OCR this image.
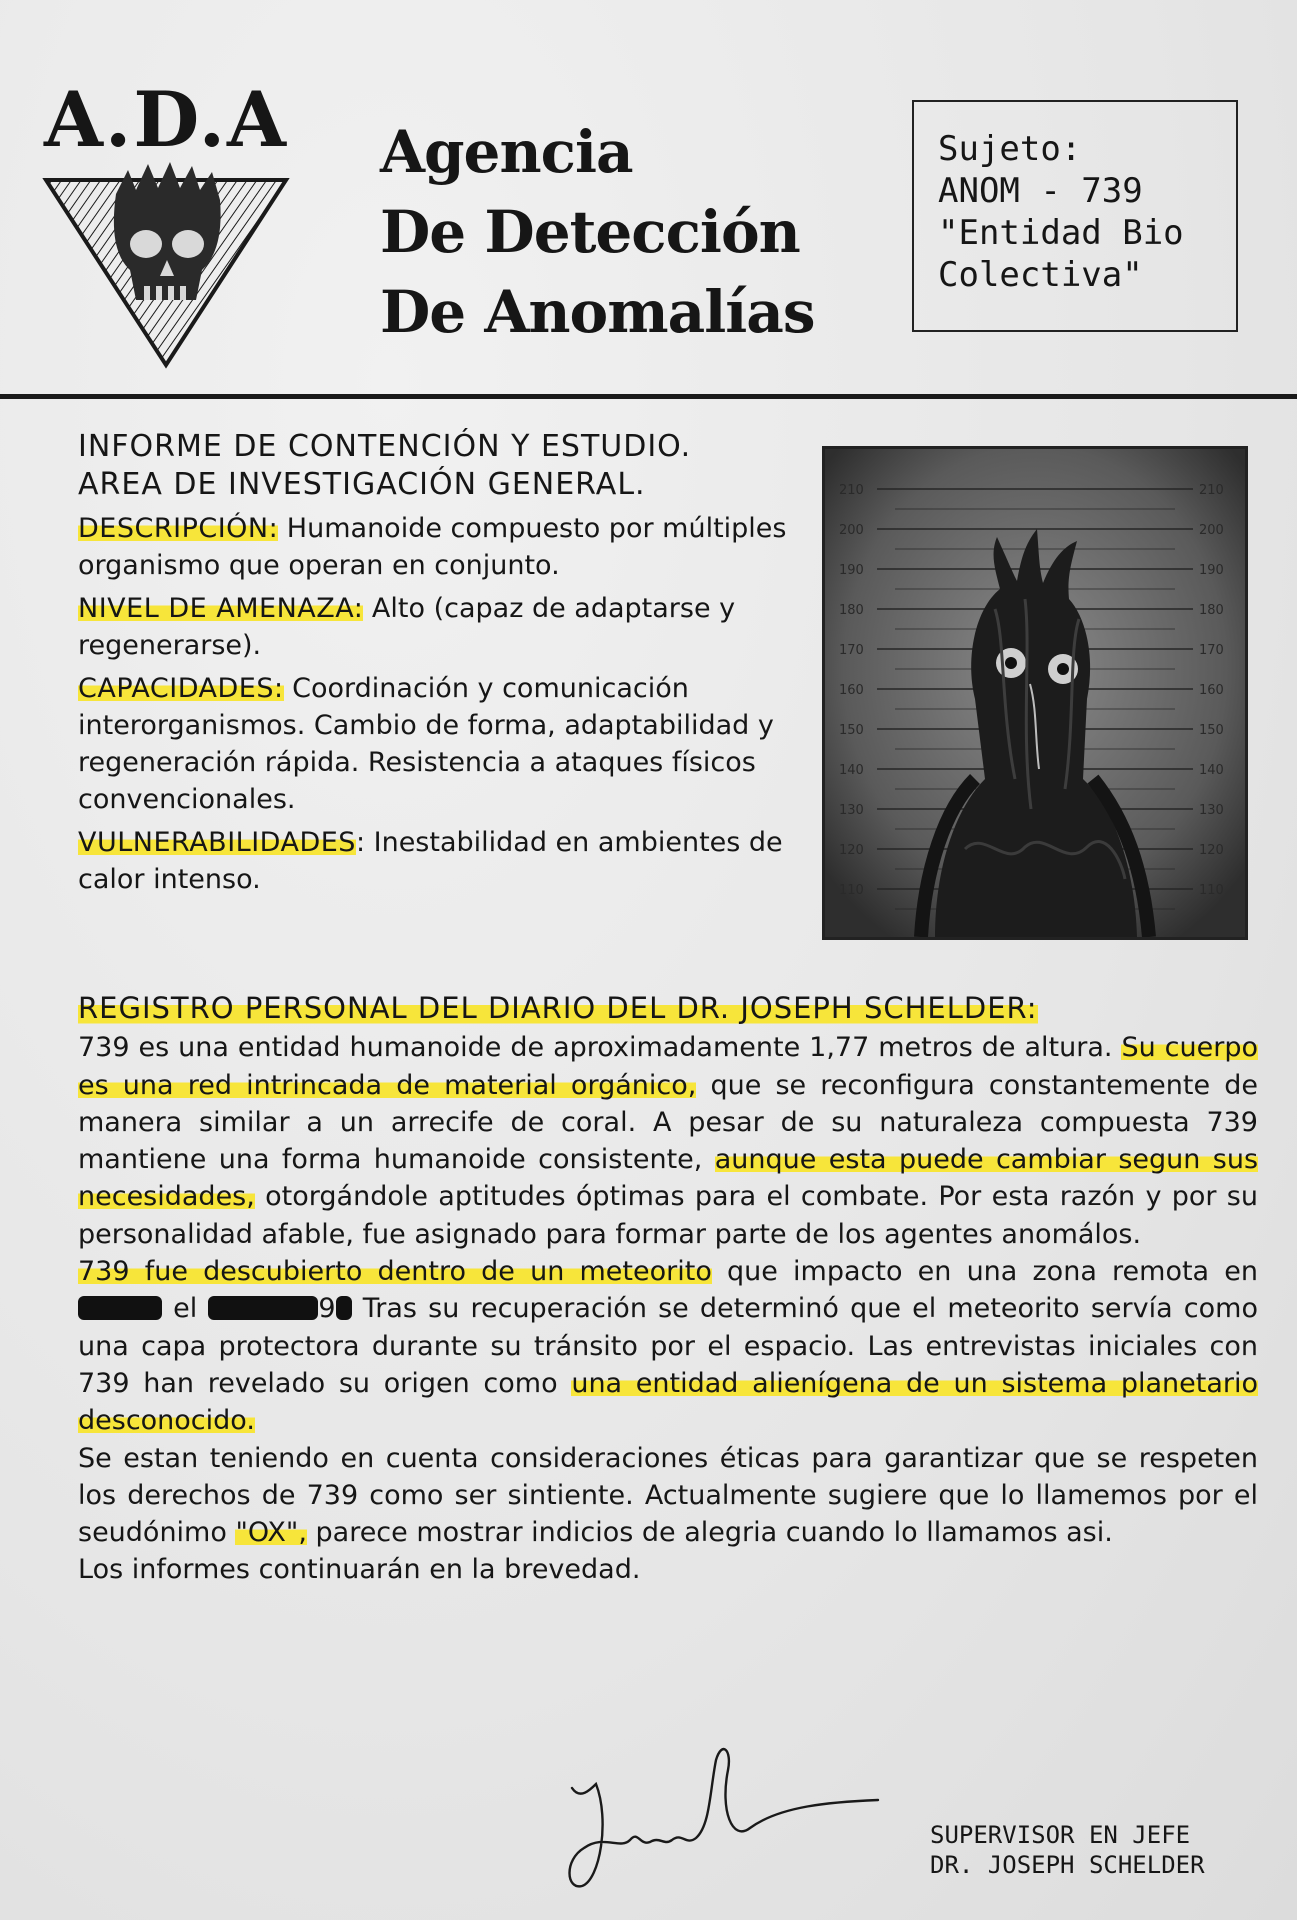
A.D.A Agencia
De Detección
De Anomalías
Sujeto:
ANOM - 739
"Entidad Bio
Colectiva"
INFORME DE CONTENCIÓN Y ESTUDIO.
AREA DE INVESTIGACIÓN GENERAL.

DESCRIPCIÓN: Humanoide compuesto por múltiples organismo que operan en conjunto.

NIVEL DE AMENAZA: Alto (capaz de adaptarse y regenerarse).

CAPACIDADES: Coordinación y comunicación interorganismos. Cambio de forma, adaptabilidad y regeneración rápida. Resistencia a ataques físicos convencionales.

VULNERABILIDADES: Inestabilidad en ambientes de calor intenso.

210	210
200	200
190	190
180	180
170	170
160	160
150	150
140	140
130	130
120	120
110	110
REGISTRO PERSONAL DEL DIARIO DEL DR. JOSEPH SCHELDER:

739 es una entidad humanoide de aproximadamente 1,77 metros de altura. Su cuerpo es una red intrincada de material orgánico, que se reconfigura constantemente de manera similar a un arrecife de coral. A pesar de su naturaleza compuesta 739 mantiene una forma humanoide consistente, aunque esta puede cambiar segun sus necesidades, otorgándole aptitudes óptimas para el combate. Por esta razón y por su personalidad afable, fue asignado para formar parte de los agentes anomálos.

739 fue descubierto dentro de un meteorito que impacto en una zona remota en  el	9 Tras su recuperación se determinó que el meteorito servía como una capa protectora durante su tránsito por el espacio. Las entrevistas iniciales con 739 han revelado su origen como una entidad alienígena de un sistema planetario desconocido.

Se estan teniendo en cuenta consideraciones éticas para garantizar que se respeten los derechos de 739 como ser sintiente. Actualmente sugiere que lo llamemos por el seudónimo "OX", parece mostrar indicios de alegria cuando lo llamamos asi.

Los informes continuarán en la brevedad.

SUPERVISOR EN JEFE
DR. JOSEPH SCHELDER
